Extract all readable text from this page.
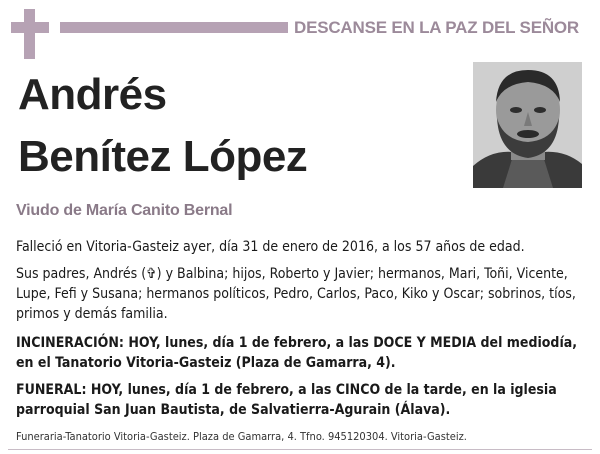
DESCANSE EN LA PAZ DEL SEÑOR
Andrés
Benítez López
Viudo de María Canito Bernal
Falleció en Vitoria-Gasteiz ayer, día 31 de enero de 2016, a los 57 años de edad.
Sus padres, Andrés (✞) y Balbina; hijos, Roberto y Javier; hermanos, Mari, Toñi, Vicente, Lupe, Fefi y Susana; hermanos políticos, Pedro, Carlos, Paco, Kiko y Oscar; sobrinos, tíos, primos y demás familia.
INCINERACIÓN: HOY, lunes, día 1 de febrero, a las DOCE Y MEDIA del mediodía, en el Tanatorio Vitoria-Gasteiz (Plaza de Gamarra, 4).
FUNERAL: HOY, lunes, día 1 de febrero, a las CINCO de la tarde, en la iglesia parroquial San Juan Bautista, de Salvatierra-Agurain (Álava).
Funeraria-Tanatorio Vitoria-Gasteiz. Plaza de Gamarra, 4. Tfno. 945120304. Vitoria-Gasteiz.
